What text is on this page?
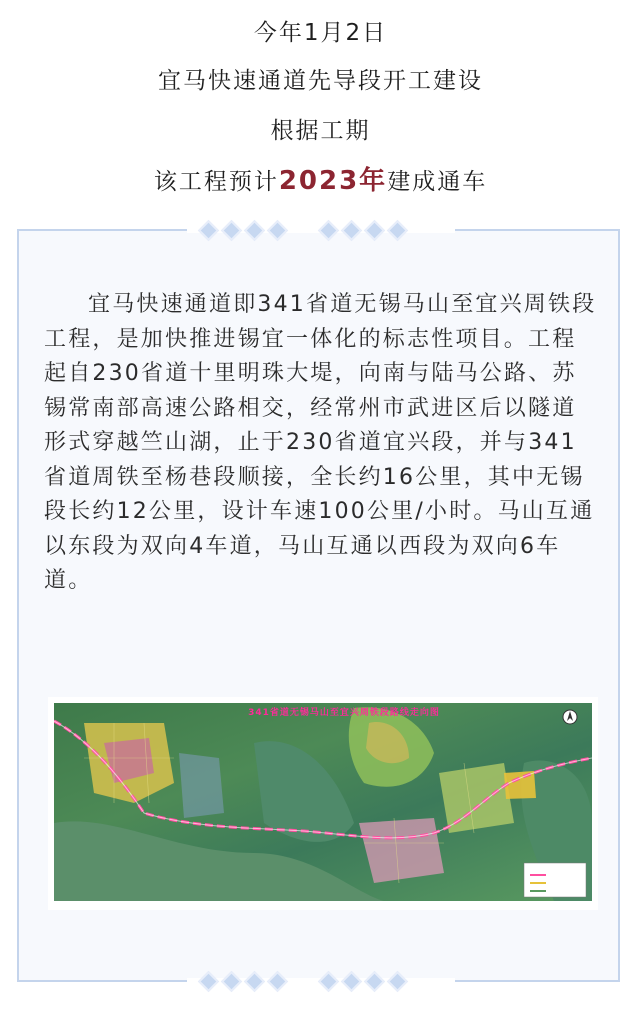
今年1月2日
宜马快速通道先导段开工建设
根据工期
该工程预计2023年建成通车

宜马快速通道即341省道无锡马山至宜兴周铁段工程，是加快推进锡宜一体化的标志性项目。工程起自230省道十里明珠大堤，向南与陆马公路、苏锡常南部高速公路相交，经常州市武进区后以隧道形式穿越竺山湖，止于230省道宜兴段，并与341省道周铁至杨巷段顺接，全长约16公里，其中无锡段长约12公里，设计车速100公里/小时。马山互通以东段为双向4车道，马山互通以西段为双向6车道。

341省道无锡马山至宜兴周铁段路线走向图
